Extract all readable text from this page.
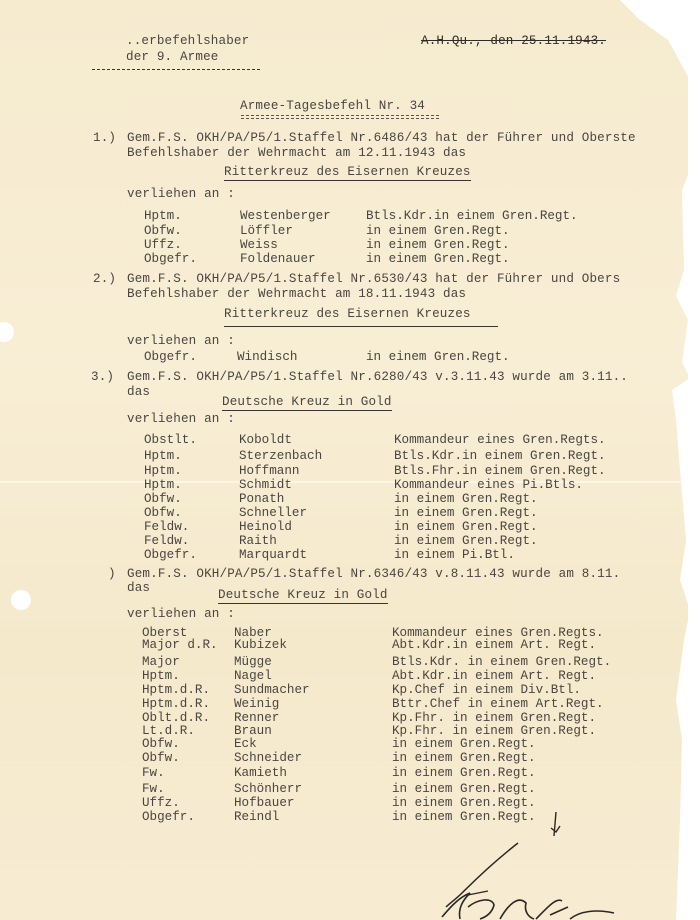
..erbefehlshaber
der 9. Armee
A.H.Qu., den 25.11.1943.
Armee-Tagesbefehl Nr. 34
1.) Gem.F.S. OKH/PA/P5/1.Staffel Nr.6486/43 hat der Führer und Oberste
Befehlshaber der Wehrmacht am 12.11.1943 das
Ritterkreuz des Eisernen Kreuzes
verliehen an :
Hptm.	Westenberger	Btls.Kdr.in einem Gren.Regt.
Obfw.	Löffler	in einem Gren.Regt.
Uffz.	Weiss	in einem Gren.Regt.
Obgefr.	Foldenauer	in einem Gren.Regt.
2.) Gem.F.S. OKH/PA/P5/1.Staffel Nr.6530/43 hat der Führer und Obers
Befehlshaber der Wehrmacht am 18.11.1943 das
Ritterkreuz des Eisernen Kreuzes
verliehen an :
Obgefr.	Windisch	in einem Gren.Regt.
3.) Gem.F.S. OKH/PA/P5/1.Staffel Nr.6280/43 v.3.11.43 wurde am 3.11..
das
Deutsche Kreuz in Gold
verliehen an :
Obstlt.	Koboldt	Kommandeur eines Gren.Regts.
Hptm.	Sterzenbach	Btls.Kdr.in einem Gren.Regt.
Hptm.	Hoffmann	Btls.Fhr.in einem Gren.Regt.
Hptm.	Schmidt	Kommandeur eines Pi.Btls.
Obfw.	Ponath	in einem Gren.Regt.
Obfw.	Schneller	in einem Gren.Regt.
Feldw.	Heinold	in einem Gren.Regt.
Feldw.	Raith	in einem Gren.Regt.
Obgefr.	Marquardt	in einem Pi.Btl.
) Gem.F.S. OKH/PA/P5/1.Staffel Nr.6346/43 v.8.11.43 wurde am 8.11.
das	Deutsche Kreuz in Gold
verliehen an :
Oberst	Naber	Kommandeur eines Gren.Regts.
Major d.R. Kubizek	Abt.Kdr.in einem Art. Regt.
Major	Mügge	Btls.Kdr. in einem Gren.Regt.
Hptm.	Nagel	Abt.Kdr.in einem Art. Regt.
Hptm.d.R. Sundmacher	Kp.Chef in einem Div.Btl.
Hptm.d.R. Weinig	Bttr.Chef in einem Art.Regt.
Oblt.d.R. Renner	Kp.Fhr. in einem Gren.Regt.
Lt.d.R.	Braun	Kp.Fhr. in einem Gren.Regt.
Obfw.	Eck	in einem Gren.Regt.
Obfw.	Schneider	in einem Gren.Regt.
Fw.	Kamieth	in einem Gren.Regt.
Fw.	Schönherr	in einem Gren.Regt.
Uffz.	Hofbauer	in einem Gren.Regt.
Obgefr.	Reindl	in einem Gren.Regt.
